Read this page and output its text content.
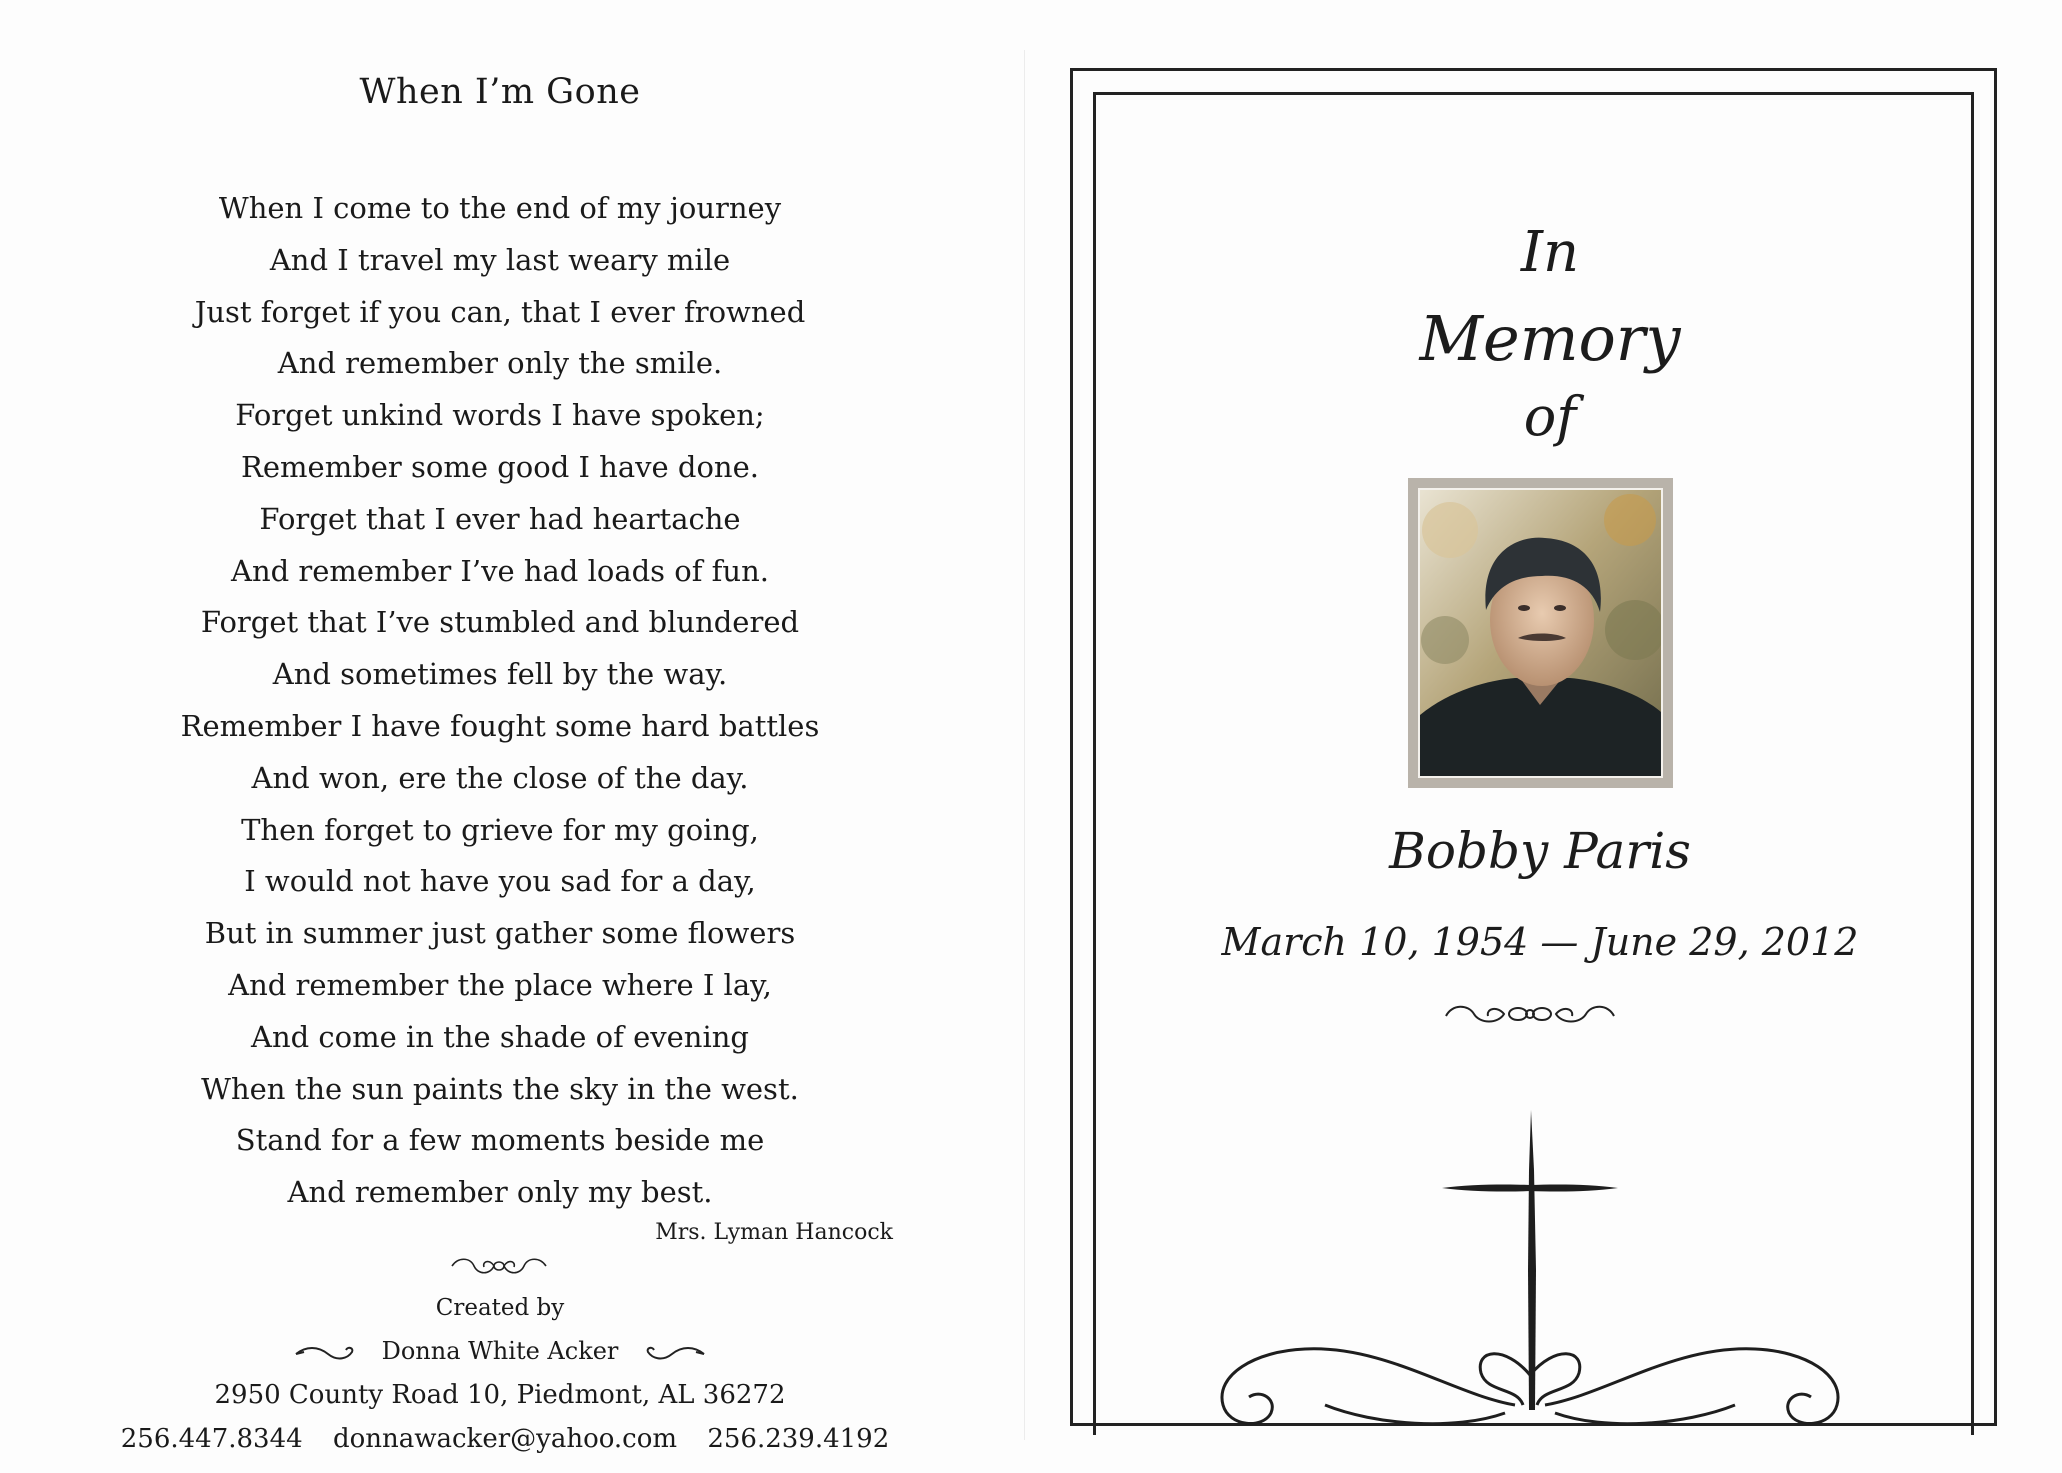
When I’m Gone
When I come to the end of my journey
And I travel my last weary mile
Just forget if you can, that I ever frowned
And remember only the smile.
Forget unkind words I have spoken;
Remember some good I have done.
Forget that I ever had heartache
And remember I’ve had loads of fun.
Forget that I’ve stumbled and blundered
And sometimes fell by the way.
Remember I have fought some hard battles
And won, ere the close of the day.
Then forget to grieve for my going,
I would not have you sad for a day,
But in summer just gather some flowers
And remember the place where I lay,
And come in the shade of evening
When the sun paints the sky in the west.
Stand for a few moments beside me
And remember only my best.
Mrs. Lyman Hancock
Created by
Donna White Acker
2950 County Road 10, Piedmont, AL 36272
256.447.8344 donnawacker@yahoo.com 256.239.4192
In
Memory
of
Bobby Paris
March 10, 1954 — June 29, 2012
